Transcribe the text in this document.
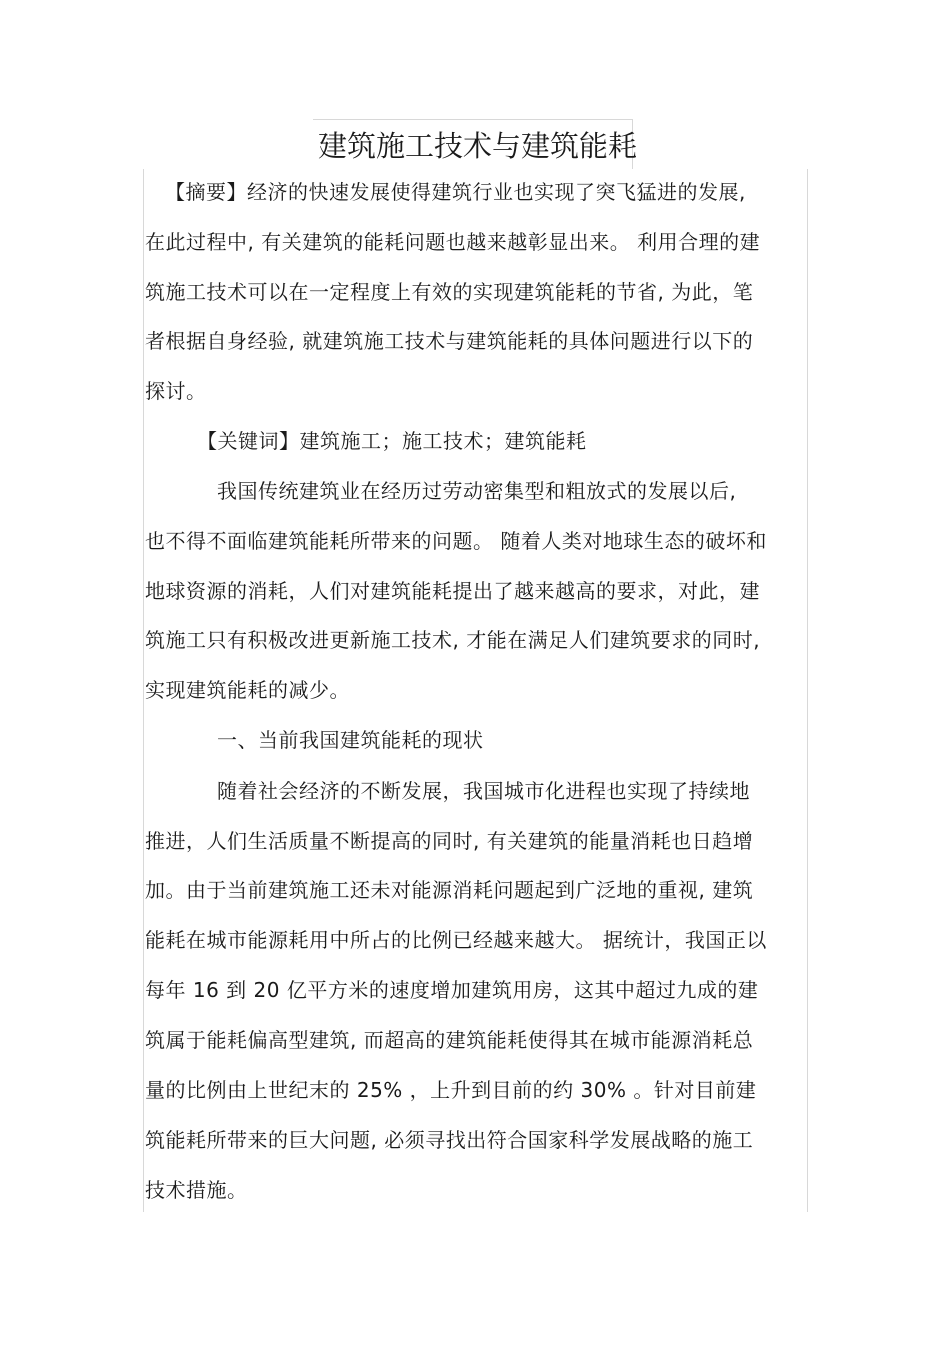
建筑施工技术与建筑能耗
【摘要】经济的快速发展使得建筑行业也实现了突飞猛进的发展,
在此过程中, 有关建筑的能耗问题也越来越彰显出来。 利用合理的建
筑施工技术可以在一定程度上有效的实现建筑能耗的节省, 为此，笔
者根据自身经验, 就建筑施工技术与建筑能耗的具体问题进行以下的
探讨。
【关键词】建筑施工；施工技术；建筑能耗
我国传统建筑业在经历过劳动密集型和粗放式的发展以后,
也不得不面临建筑能耗所带来的问题。 随着人类对地球生态的破坏和
地球资源的消耗，人们对建筑能耗提出了越来越高的要求，对此，建
筑施工只有积极改进更新施工技术, 才能在满足人们建筑要求的同时,
实现建筑能耗的减少。
一、当前我国建筑能耗的现状
随着社会经济的不断发展，我国城市化进程也实现了持续地
推进，人们生活质量不断提高的同时, 有关建筑的能量消耗也日趋增
加。由于当前建筑施工还未对能源消耗问题起到广泛地的重视, 建筑
能耗在城市能源耗用中所占的比例已经越来越大。 据统计，我国正以
每年 16 到 20 亿平方米的速度增加建筑用房，这其中超过九成的建
筑属于能耗偏高型建筑, 而超高的建筑能耗使得其在城市能源消耗总
量的比例由上世纪末的 25% ，上升到目前的约 30% 。针对目前建
筑能耗所带来的巨大问题, 必须寻找出符合国家科学发展战略的施工
技术措施。
